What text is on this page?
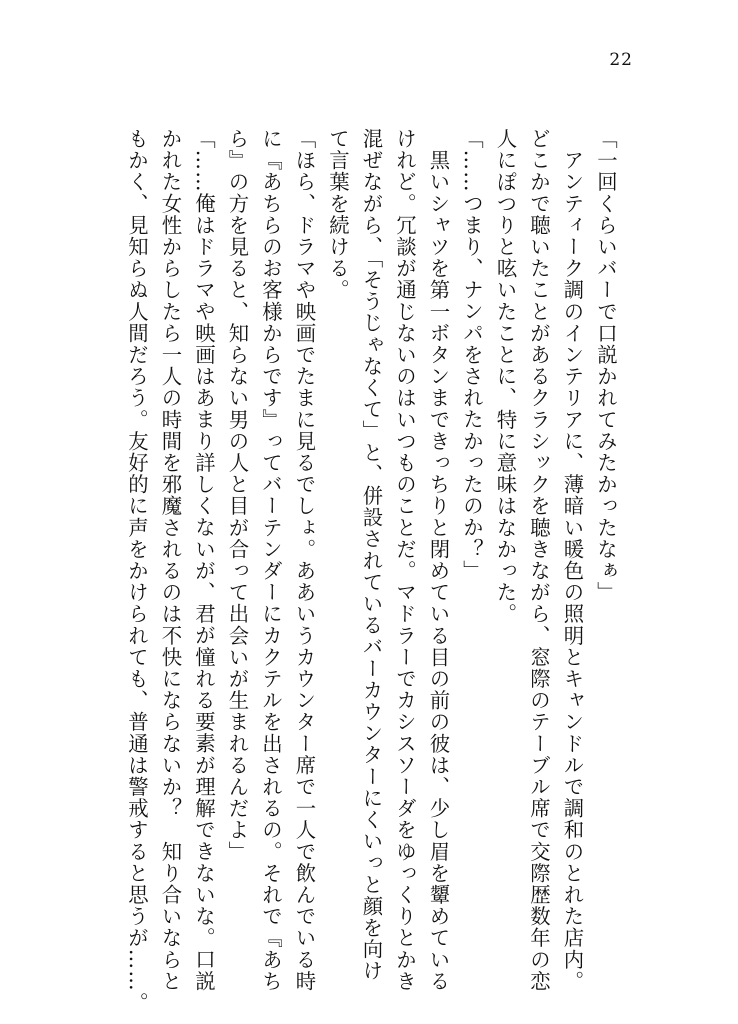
22

「一回くらいバーで口説かれてみたかったなぁ」

　アンティーク調のインテリアに、薄暗い暖色の照明とキャンドルで調和のとれた店内。

どこかで聴いたことがあるクラシックを聴きながら、窓際のテーブル席で交際歴数年の恋

人にぽつりと呟いたことに、特に意味はなかった。

「……つまり、ナンパをされたかったのか？」

　黒いシャツを第一ボタンまできっちりと閉めている目の前の彼は、少し眉を顰めている

けれど。冗談が通じないのはいつものことだ。マドラーでカシスソーダをゆっくりとかき

混ぜながら、「そうじゃなくて」と、併設されているバーカウンターにくいっと顔を向け

て言葉を続ける。

「ほら、ドラマや映画でたまに見るでしょ。ああいうカウンター席で一人で飲んでいる時

に『あちらのお客様からです』ってバーテンダーにカクテルを出されるの。それで『あち

ら』の方を見ると、知らない男の人と目が合って出会いが生まれるんだよ」

「……俺はドラマや映画はあまり詳しくないが、君が憧れる要素が理解できないな。口説

かれた女性からしたら一人の時間を邪魔されるのは不快にならないか？　知り合いならと

もかく、見知らぬ人間だろう。友好的に声をかけられても、普通は警戒すると思うが……。
